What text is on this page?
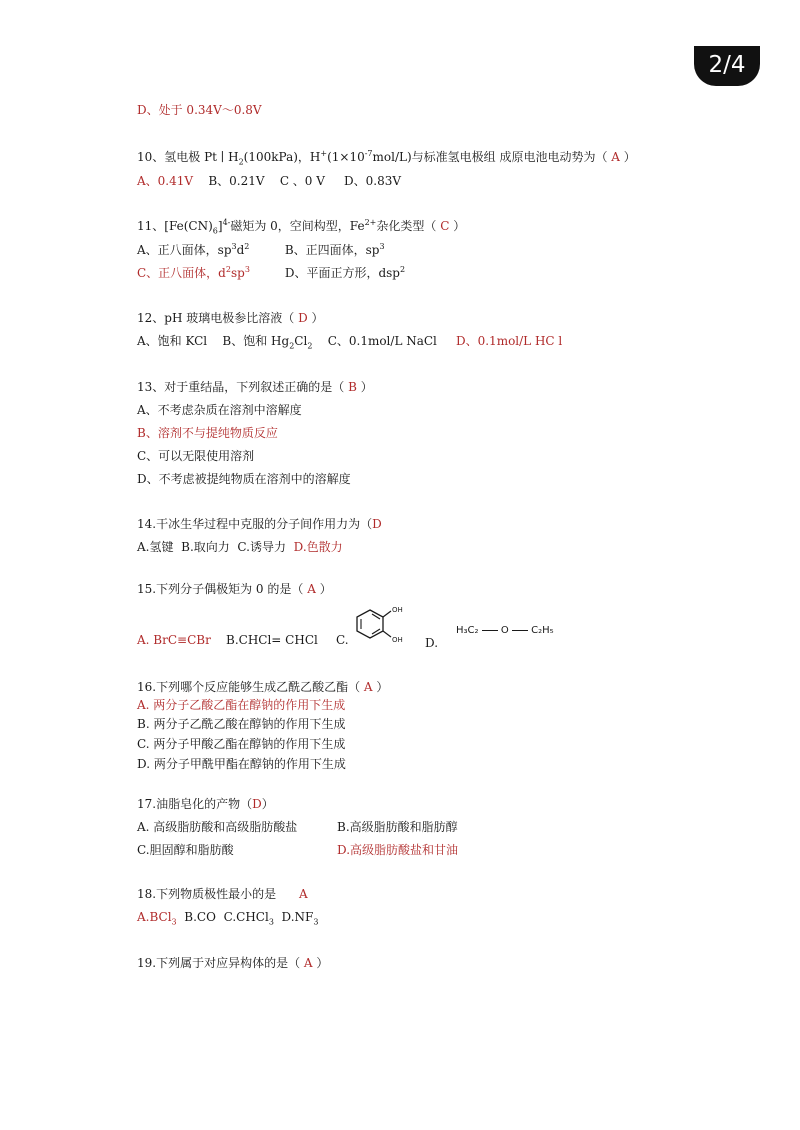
2/4
D、处于 0.34V～0.8V
10、氢电极 Pt ∣ $H_2(100kPa)$，$H^+(1\times 10^{-7}mol/L)$与标准氢电极组 成原电池电动势为（ A ）
A、0.41V B、0.21V C 、0 V D、0.83V
11、$[Fe(CN)_6]^{4-}$磁矩为 0，空间构型，$Fe^{2+}$杂化类型（ C ）
A、正八面体，$sp^3d^2$	B、正四面体，$sp^3$
C、正八面体，$d^2sp^3$	D、平面正方形，dsp$^2$
12、pH 玻璃电极参比溶液（ D ）
A、饱和 KCl B、饱和 $Hg_2Cl_2$ C、0.1mol/L NaCl D、0.1mol/L HC l
13、对于重结晶，下列叙述正确的是（ B ）
A、不考虑杂质在溶剂中溶解度
B、溶剂不与提纯物质反应
C、可以无限使用溶剂
D、不考虑被提纯物质在溶剂中的溶解度
14.干冰生华过程中克服的分子间作用力为（D
A.氢键 B.取向力 C.诱导力 D.色散力
15.下列分子偶极矩为 0 的是（ A ）
A. BrC≡CBr B.CHCl= CHCl C.
OH
OH D.
H₃C₂ O C₂H₅
16.下列哪个反应能够生成乙酰乙酸乙酯（ A ）
A. 两分子乙酸乙酯在醇钠的作用下生成
B. 两分子乙酰乙酸在醇钠的作用下生成
C. 两分子甲酸乙酯在醇钠的作用下生成
D. 两分子甲酰甲酯在醇钠的作用下生成
17.油脂皂化的产物（D）
A. 高级脂肪酸和高级脂肪酸盐	B.高级脂肪酸和脂肪醇
C.胆固醇和脂肪酸	D.高级脂肪酸盐和甘油
18.下列物质极性最小的是 A
A.BCl$_3$ B.CO C.CHCl$_3$ $D.NF_3$
19.下列属于对应异构体的是（ A ）
